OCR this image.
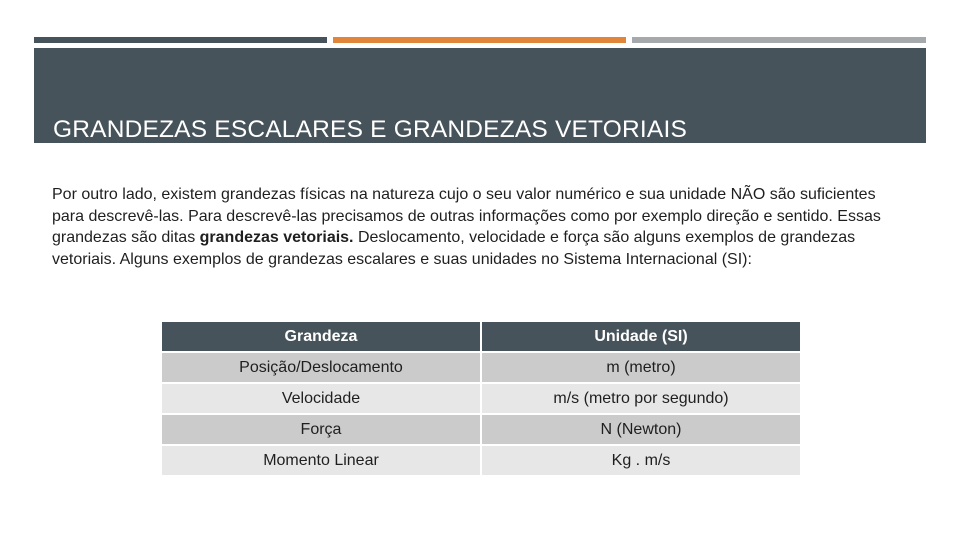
GRANDEZAS ESCALARES E GRANDEZAS VETORIAIS

Por outro lado, existem grandezas físicas na natureza cujo o seu valor numérico e sua unidade NÃO são suficientes para descrevê-las. Para descrevê-las precisamos de outras informações como por exemplo direção e sentido. Essas grandezas são ditas grandezas vetoriais. Deslocamento, velocidade e força são alguns exemplos de grandezas vetoriais. Alguns exemplos de grandezas escalares e suas unidades no Sistema Internacional (SI):

Grandeza	Unidade (SI)
Posição/Deslocamento	m (metro)
Velocidade	m/s (metro por segundo)
Força	N (Newton)
Momento Linear	Kg . m/s
